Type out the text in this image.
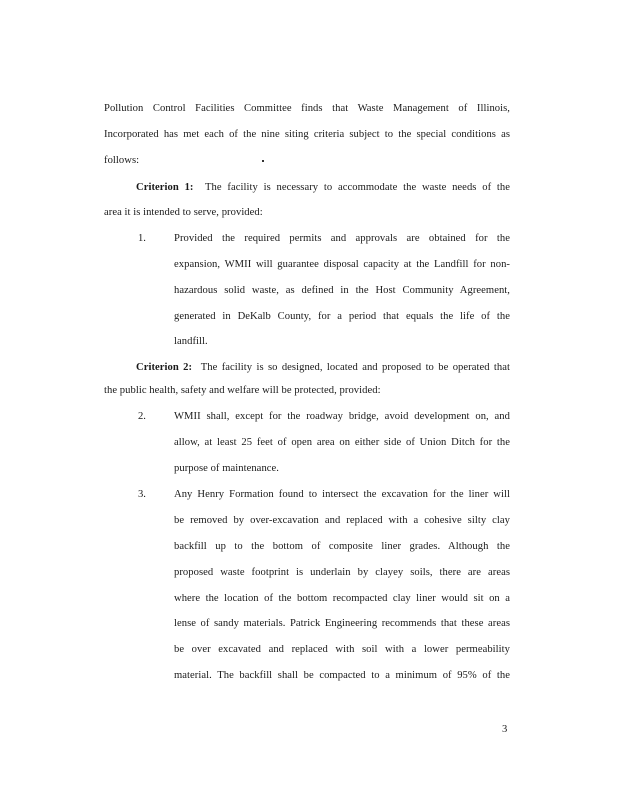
Pollution Control Facilities Committee finds that Waste Management of Illinois,
Incorporated has met each of the nine siting criteria subject to the special conditions as
follows:
Criterion 1: The facility is necessary to accommodate the waste needs of the
area it is intended to serve, provided:
1.	Provided the required permits and approvals are obtained for the
expansion, WMII will guarantee disposal capacity at the Landfill for non-
hazardous solid waste, as defined in the Host Community Agreement,
generated in DeKalb County, for a period that equals the life of the
landfill.
Criterion 2: The facility is so designed, located and proposed to be operated that
the public health, safety and welfare will be protected, provided:
2.	WMII shall, except for the roadway bridge, avoid development on, and
allow, at least 25 feet of open area on either side of Union Ditch for the
purpose of maintenance.
3.	Any Henry Formation found to intersect the excavation for the liner will
be removed by over-excavation and replaced with a cohesive silty clay
backfill up to the bottom of composite liner grades. Although the
proposed waste footprint is underlain by clayey soils, there are areas
where the location of the bottom recompacted clay liner would sit on a
lense of sandy materials. Patrick Engineering recommends that these areas
be over excavated and replaced with soil with a lower permeability
material. The backfill shall be compacted to a minimum of 95% of the
3
